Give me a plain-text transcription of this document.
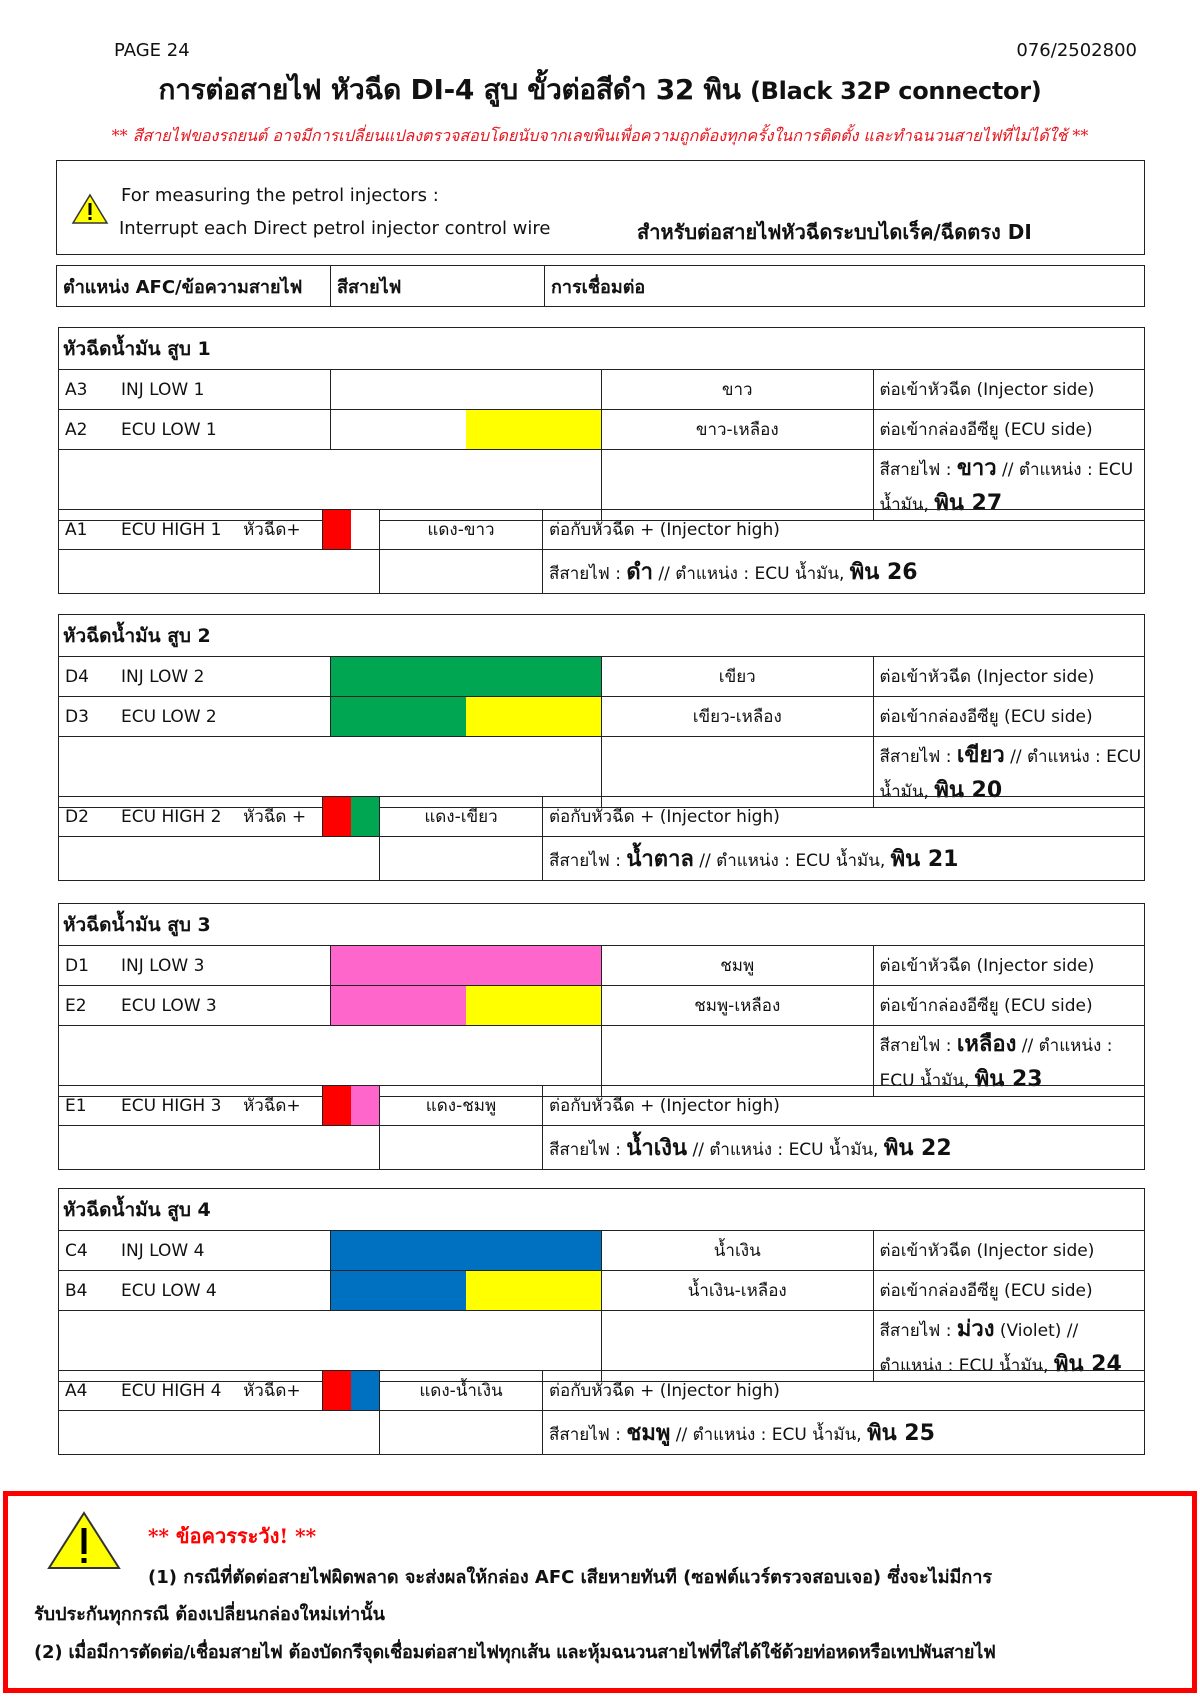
PAGE 24	076/2502800
การต่อสายไฟ หัวฉีด DI-4 สูบ ขั้วต่อสีดำ 32 พิน (Black 32P connector)
** สีสายไฟของรถยนต์ อาจมีการเปลี่ยนแปลงตรวจสอบโดยนับจากเลขพินเพื่อความถูกต้องทุกครั้งในการติดตั้ง และทำฉนวนสายไฟที่ไม่ได้ใช้ **
For measuring the petrol injectors :
Interrupt each Direct petrol injector control wire	สำหรับต่อสายไฟหัวฉีดระบบไดเร็ค/ฉีดตรง DI
ตำแหน่ง AFC/ข้อความสายไฟ	สีสายไฟ	การเชื่อมต่อ
หัวฉีดน้ำมัน สูบ 1			
A3 INJ LOW 1		ขาว	ต่อเข้าหัวฉีด (Injector side)
A2 ECU LOW 1		ขาว-เหลือง	ต่อเข้ากล่องอีซียู (ECU side)
			สีสายไฟ : ขาว // ตำแหน่ง : ECU น้ำมัน, พิน 27
A1 ECU HIGH 1 หัวฉีด+		แดง-ขาว	ต่อกับหัวฉีด + (Injector high)
			สีสายไฟ : ดำ // ตำแหน่ง : ECU น้ำมัน, พิน 26
หัวฉีดน้ำมัน สูบ 2			
D4 INJ LOW 2		เขียว	ต่อเข้าหัวฉีด (Injector side)
D3 ECU LOW 2		เขียว-เหลือง	ต่อเข้ากล่องอีซียู (ECU side)
			สีสายไฟ : เขียว // ตำแหน่ง : ECU น้ำมัน, พิน 20
D2 ECU HIGH 2 หัวฉีด +		แดง-เขียว	ต่อกับหัวฉีด + (Injector high)
			สีสายไฟ : น้ำตาล // ตำแหน่ง : ECU น้ำมัน, พิน 21
หัวฉีดน้ำมัน สูบ 3			
D1 INJ LOW 3		ชมพู	ต่อเข้าหัวฉีด (Injector side)
E2 ECU LOW 3		ชมพู-เหลือง	ต่อเข้ากล่องอีซียู (ECU side)
			สีสายไฟ : เหลือง // ตำแหน่ง : ECU น้ำมัน, พิน 23
E1 ECU HIGH 3 หัวฉีด+		แดง-ชมพู	ต่อกับหัวฉีด + (Injector high)
			สีสายไฟ : น้ำเงิน // ตำแหน่ง : ECU น้ำมัน, พิน 22
หัวฉีดน้ำมัน สูบ 4			
C4 INJ LOW 4		น้ำเงิน	ต่อเข้าหัวฉีด (Injector side)
B4 ECU LOW 4		น้ำเงิน-เหลือง	ต่อเข้ากล่องอีซียู (ECU side)
			สีสายไฟ : ม่วง (Violet) // ตำแหน่ง : ECU น้ำมัน, พิน 24
A4 ECU HIGH 4 หัวฉีด+		แดง-น้ำเงิน	ต่อกับหัวฉีด + (Injector high)
			สีสายไฟ : ชมพู // ตำแหน่ง : ECU น้ำมัน, พิน 25
** ข้อควรระวัง! **
(1) กรณีที่ตัดต่อสายไฟผิดพลาด จะส่งผลให้กล่อง AFC เสียหายทันที (ซอฟต์แวร์ตรวจสอบเจอ) ซึ่งจะไม่มีการ
รับประกันทุกกรณี ต้องเปลี่ยนกล่องใหม่เท่านั้น
(2) เมื่อมีการตัดต่อ/เชื่อมสายไฟ ต้องบัดกรีจุดเชื่อมต่อสายไฟทุกเส้น และหุ้มฉนวนสายไฟที่ใส่ได้ใช้ด้วยท่อหดหรือเทปพันสายไฟ
